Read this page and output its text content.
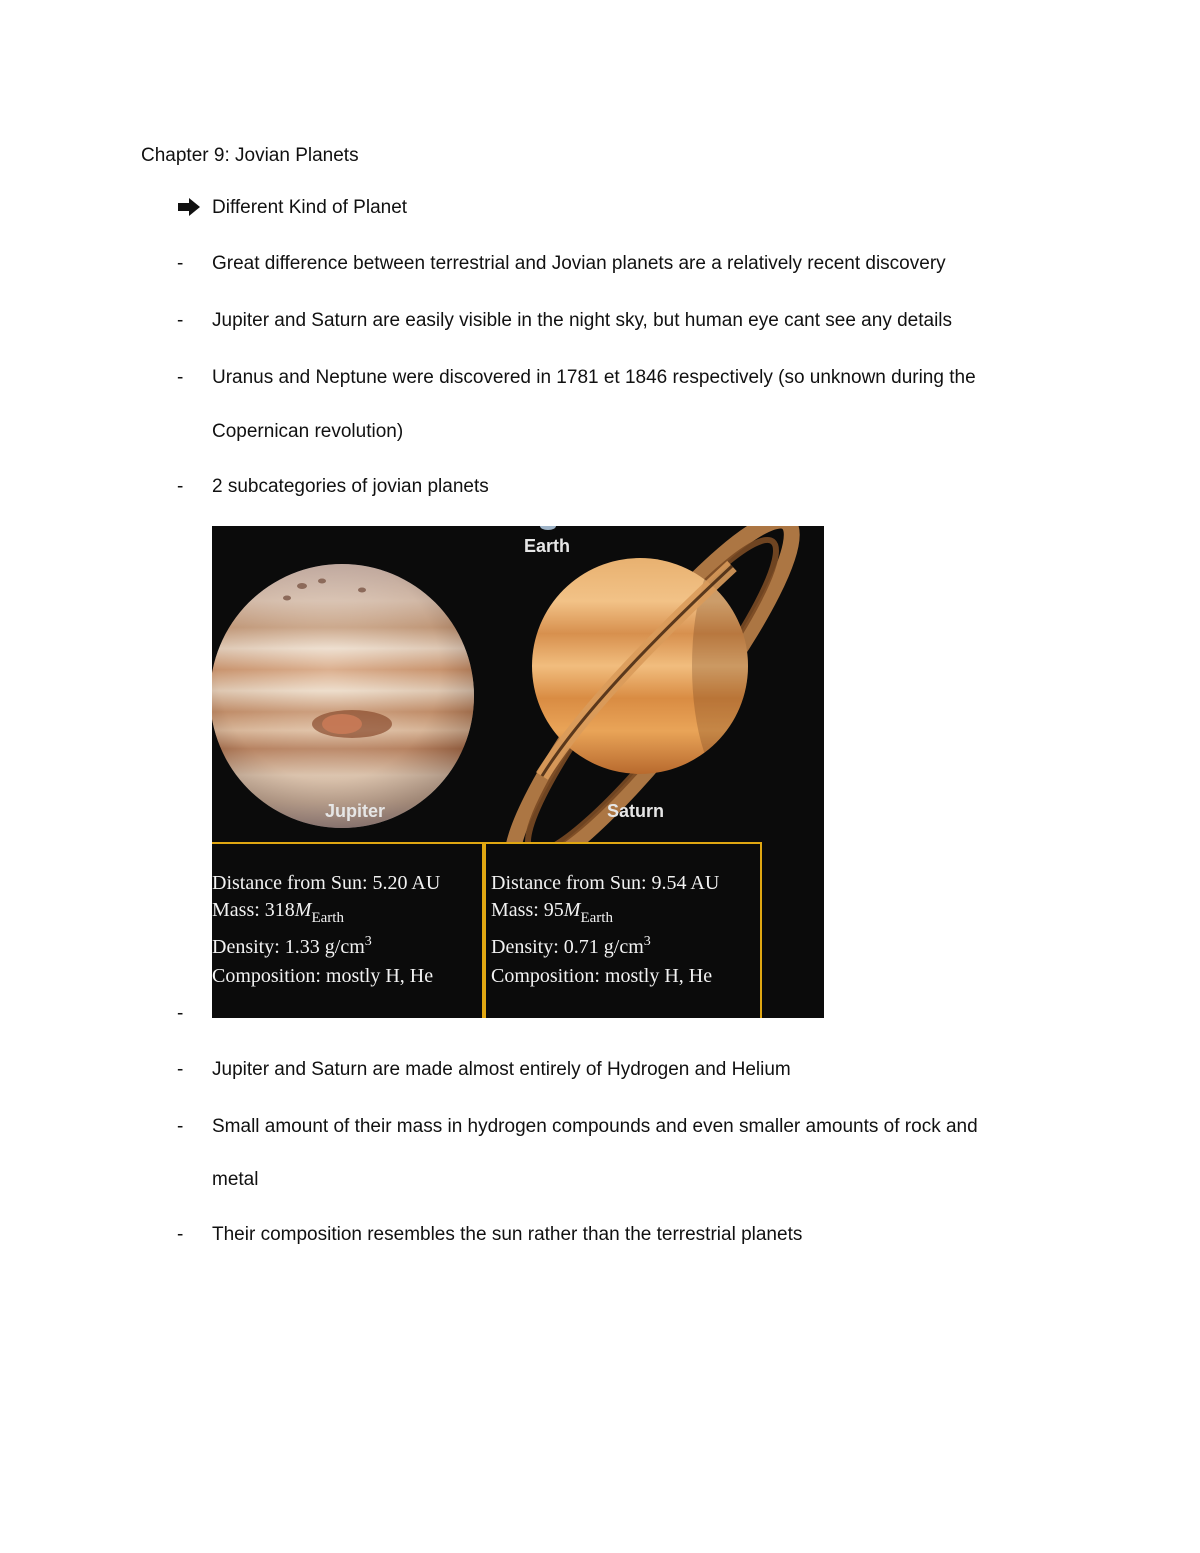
Chapter 9: Jovian Planets
Different Kind of Planet
- Great difference between terrestrial and Jovian planets are a relatively recent discovery
- Jupiter and Saturn are easily visible in the night sky, but human eye cant see any details
- Uranus and Neptune were discovered in 1781 et 1846 respectively (so unknown during the
Copernican revolution)
- 2 subcategories of jovian planets
Earth
Jupiter	Saturn
Distance from Sun: 5.20 AU
Mass: $318M_{Earth}$
Density: 1.33 $g/cm^3$
Composition: mostly H, He
Distance from Sun: 9.54 AU
Mass: $95M_{Earth}$
Density: 0.71 $g/cm^3$
Composition: mostly H, He
-
- Jupiter and Saturn are made almost entirely of Hydrogen and Helium
- Small amount of their mass in hydrogen compounds and even smaller amounts of rock and
metal
- Their composition resembles the sun rather than the terrestrial planets
